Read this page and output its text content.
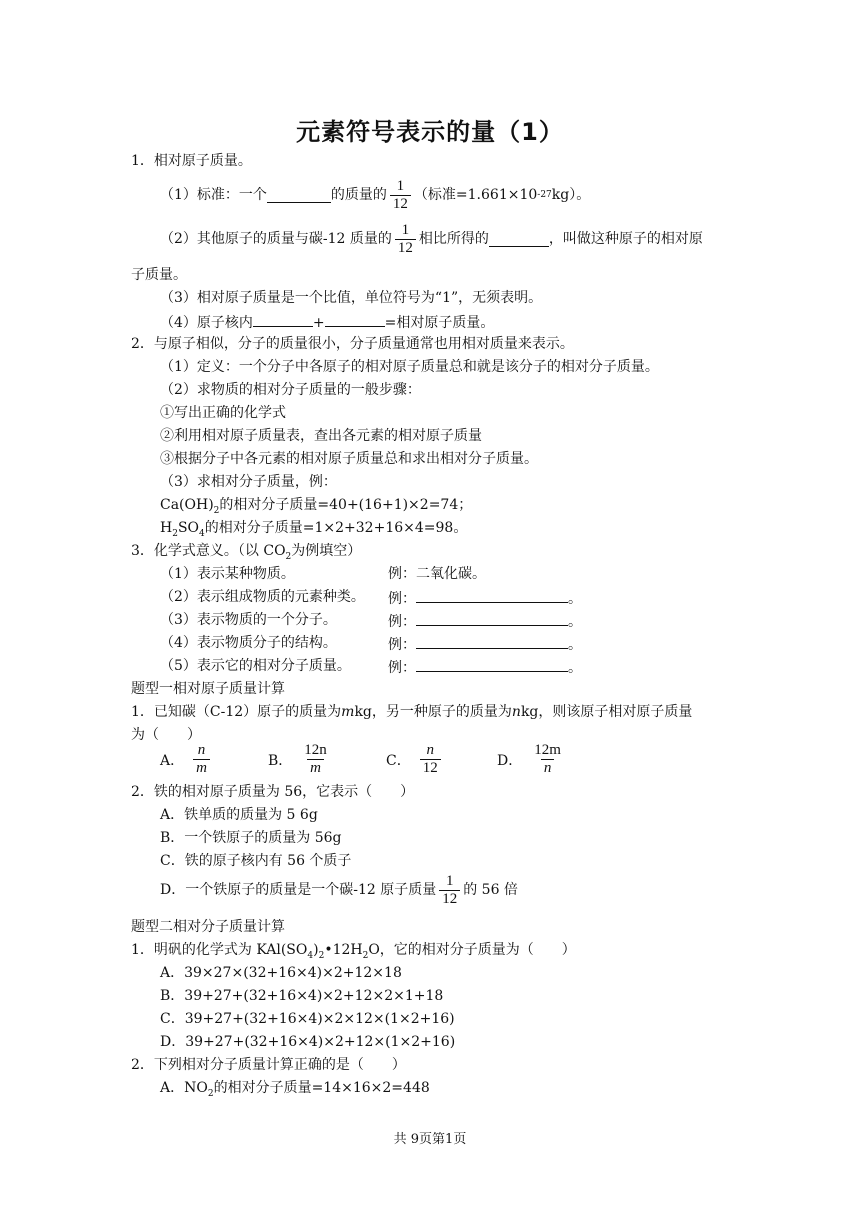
元素符号表示的量（1）
1．相对原子质量。
（1）标准：一个	的质量的 $\frac{1}{12}$ （标准=1.661×10 -27 kg）。
（2）其他原子的质量与碳-12 质量的 $\frac{1}{12}$ 相比所得的	，叫做这种原子的相对原
子质量。
（3）相对原子质量是一个比值，单位符号为“1”，无须表明。
（4）原子核内	+	=相对原子质量。
2．与原子相似，分子的质量很小，分子质量通常也用相对质量来表示。
（1）定义：一个分子中各原子的相对原子质量总和就是该分子的相对分子质量。
（2）求物质的相对分子质量的一般步骤：
①写出正确的化学式
②利用相对原子质量表，查出各元素的相对原子质量
③根据分子中各元素的相对原子质量总和求出相对分子质量。
（3）求相对分子质量，例：
$Ca(OH)_2$的相对分子质量=40+(16+1)×2=74；
$H_2SO_4$的相对分子质量=1×2+32+16×4=98。
3．化学式意义。（以 $CO_2$为例填空）
（1）表示某种物质。	例：二氧化碳。
（2）表示组成物质的元素种类。 例：	。
（3）表示物质的一个分子。	例：	。
（4）表示物质分子的结构。	例：	。
（5）表示它的相对分子质量。	例：	。
题型一相对原子质量计算
1．已知碳（C-12）原子的质量为mkg，另一种原子的质量为nkg，则该原子相对原子质量
为（　　）
A． $\frac{n}{m}$	B． $\frac{12n}{m}$	C． $\frac{n}{12}$	D． $\frac{12m}{n}$
2．铁的相对原子质量为 56，它表示（　　）
A．铁单质的质量为 5 6g
B．一个铁原子的质量为 56g
C．铁的原子核内有 56 个质子
D．一个铁原子的质量是一个碳-12 原子质量 $\frac{1}{12}$ 的 56 倍
题型二相对分子质量计算
1．明矾的化学式为 $KAl(SO_4)_2•12H_2O$，它的相对分子质量为（　　）
A．39×27×(32+16×4)×2+12×18
B．39+27+(32+16×4)×2+12×2×1+18
C．39+27+(32+16×4)×2×12×(1×2+16)
D．39+27+(32+16×4)×2+12×(1×2+16)
2．下列相对分子质量计算正确的是（　　）
A．$NO_2$的相对分子质量=14×16×2=448
共 9页第1页
